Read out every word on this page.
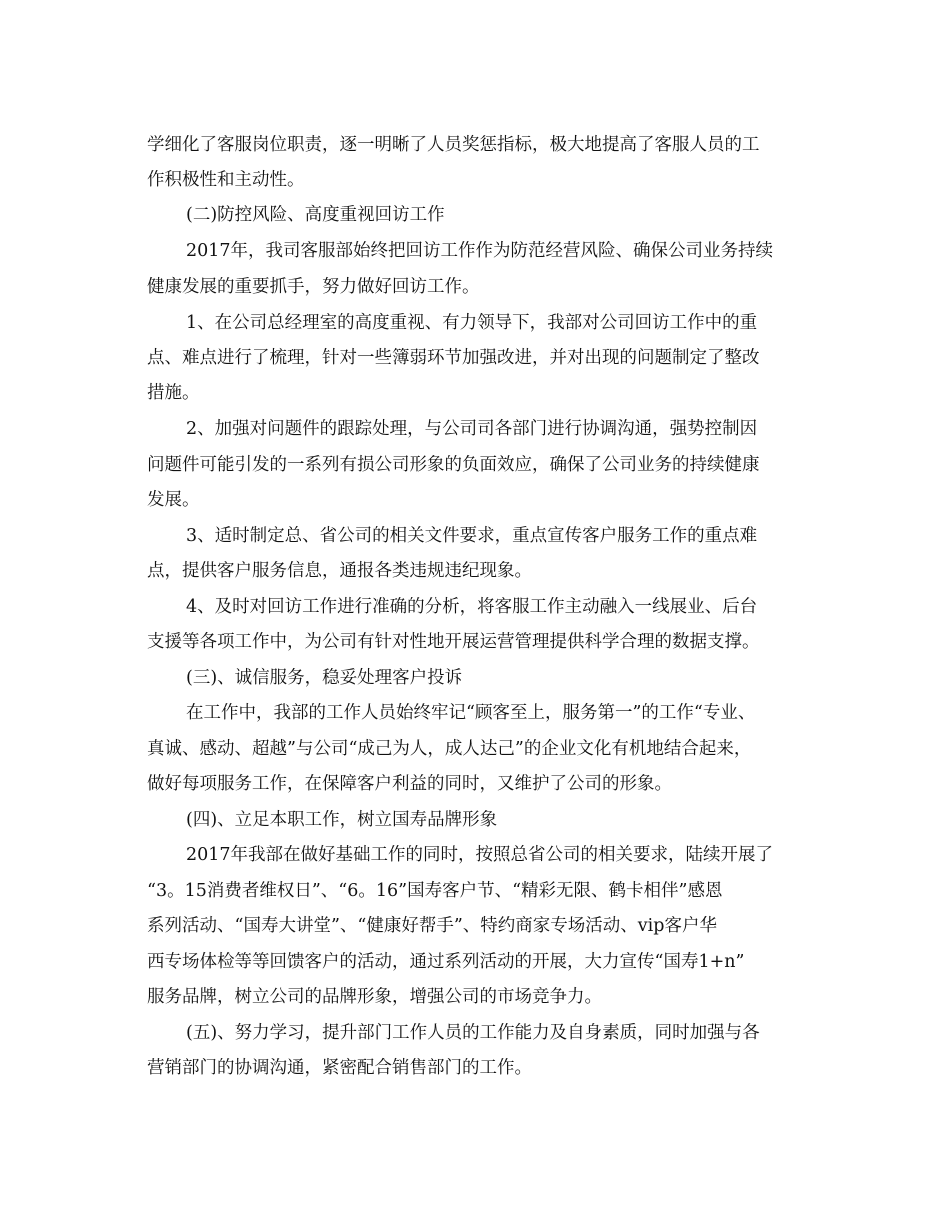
学细化了客服岗位职责，逐一明晰了人员奖惩指标，极大地提高了客服人员的工
作积极性和主动性。
(二)防控风险、高度重视回访工作
2017年，我司客服部始终把回访工作作为防范经营风险、确保公司业务持续
健康发展的重要抓手，努力做好回访工作。
1、在公司总经理室的高度重视、有力领导下，我部对公司回访工作中的重
点、难点进行了梳理，针对一些簿弱环节加强改进，并对出现的问题制定了整改
措施。
2、加强对问题件的跟踪处理，与公司司各部门进行协调沟通，强势控制因
问题件可能引发的一系列有损公司形象的负面效应，确保了公司业务的持续健康
发展。
3、适时制定总、省公司的相关文件要求，重点宣传客户服务工作的重点难
点，提供客户服务信息，通报各类违规违纪现象。
4、及时对回访工作进行准确的分析，将客服工作主动融入一线展业、后台
支援等各项工作中，为公司有针对性地开展运营管理提供科学合理的数据支撑。
(三)、诚信服务，稳妥处理客户投诉
在工作中，我部的工作人员始终牢记“顾客至上，服务第一”的工作“专业、
真诚、感动、超越”与公司“成己为人，成人达己”的企业文化有机地结合起来，
做好每项服务工作，在保障客户利益的同时，又维护了公司的形象。
(四)、立足本职工作，树立国寿品牌形象
2017年我部在做好基础工作的同时，按照总省公司的相关要求，陆续开展了
“3。15消费者维权日”、“6。16”国寿客户节、“精彩无限、鹤卡相伴”感恩
系列活动、“国寿大讲堂”、“健康好帮手”、特约商家专场活动、vip客户华
西专场体检等等回馈客户的活动，通过系列活动的开展，大力宣传“国寿1+n”
服务品牌，树立公司的品牌形象，增强公司的市场竞争力。
(五)、努力学习，提升部门工作人员的工作能力及自身素质，同时加强与各
营销部门的协调沟通，紧密配合销售部门的工作。
